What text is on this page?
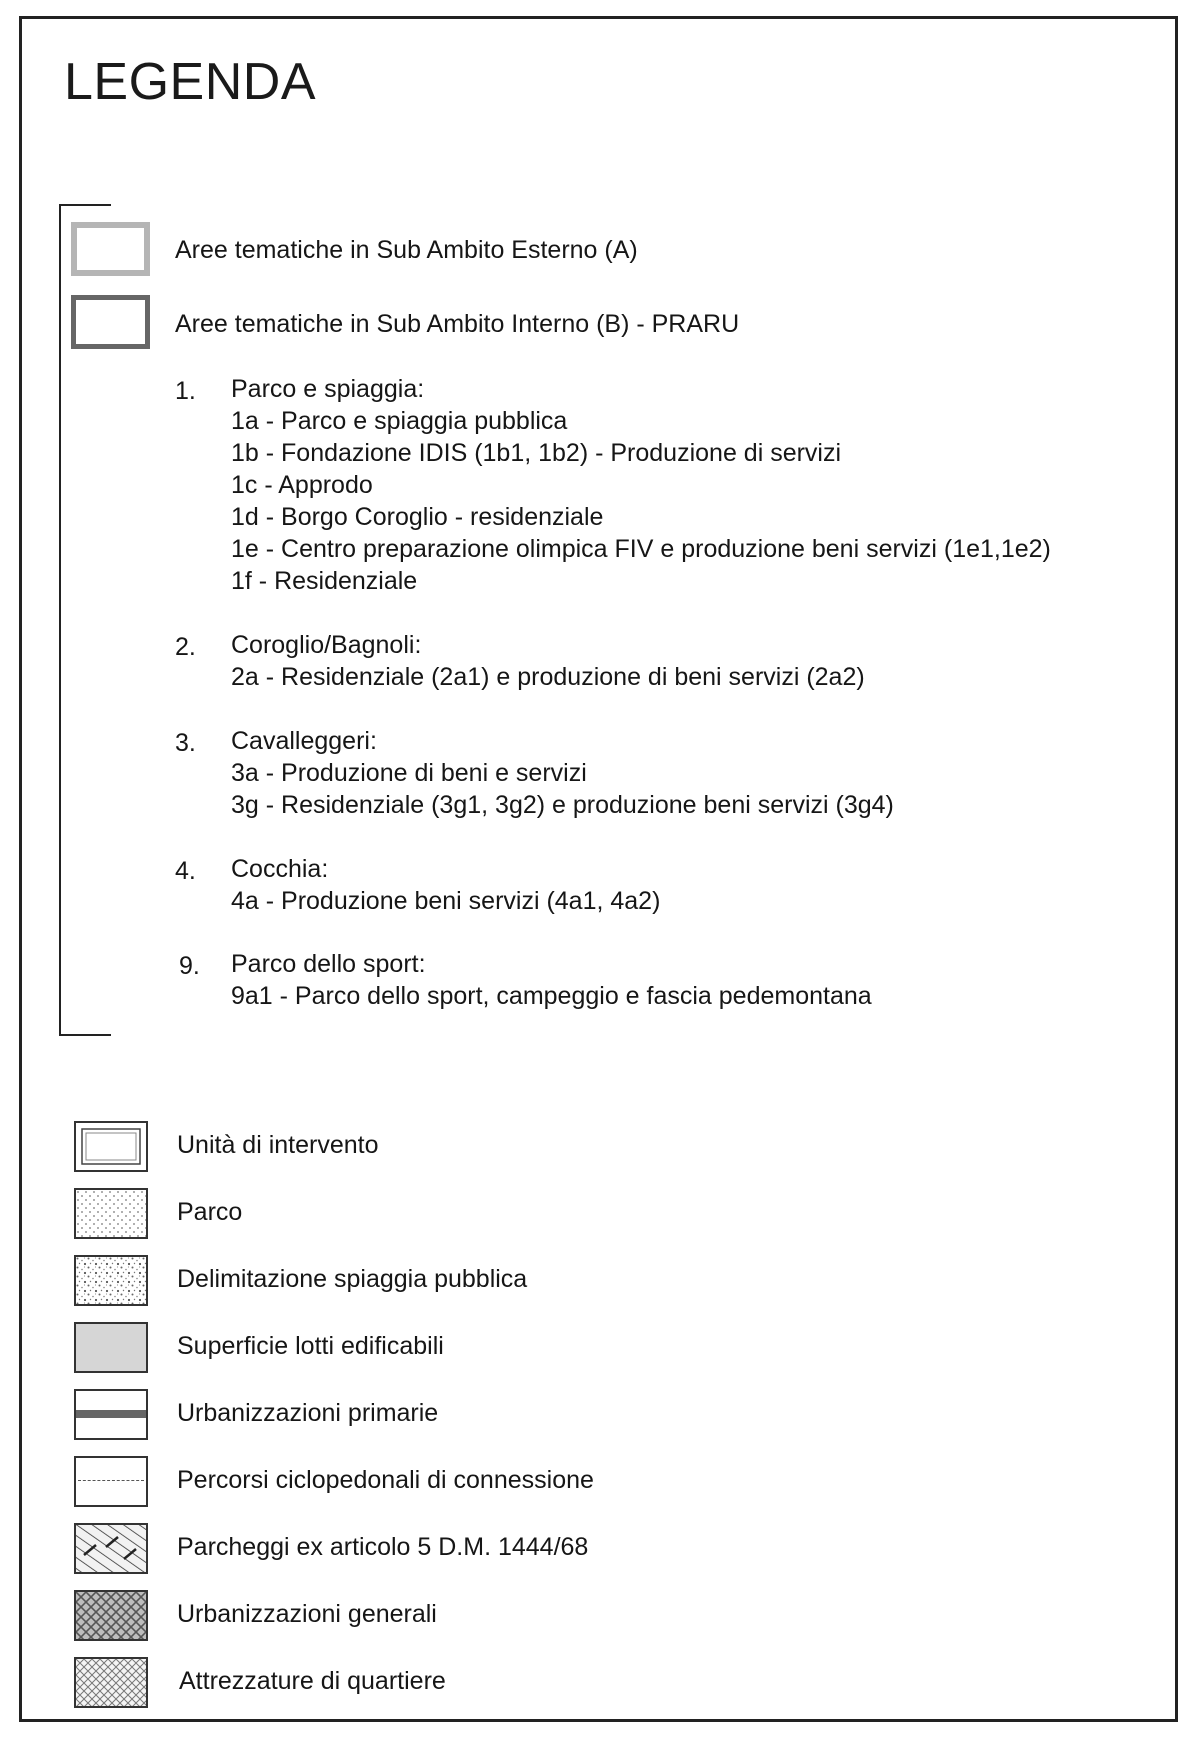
LEGENDA
Aree tematiche in Sub Ambito Esterno (A)
Aree tematiche in Sub Ambito Interno (B) - PRARU
1. Parco e spiaggia:
1a - Parco e spiaggia pubblica
1b - Fondazione IDIS (1b1, 1b2) - Produzione di servizi
1c - Approdo
1d - Borgo Coroglio - residenziale
1e - Centro preparazione olimpica FIV e produzione beni servizi (1e1,1e2)
1f - Residenziale
2. Coroglio/Bagnoli:
2a - Residenziale (2a1) e produzione di beni servizi (2a2)
3. Cavalleggeri:
3a - Produzione di beni e servizi
3g - Residenziale (3g1, 3g2) e produzione beni servizi (3g4)
4. Cocchia:
4a - Produzione beni servizi (4a1, 4a2)
9. Parco dello sport:
9a1 - Parco dello sport, campeggio e fascia pedemontana
Unità di intervento
Parco
Delimitazione spiaggia pubblica
Superficie lotti edificabili
Urbanizzazioni primarie
Percorsi ciclopedonali di connessione
Parcheggi ex articolo 5 D.M. 1444/68
Urbanizzazioni generali
Attrezzature di quartiere
